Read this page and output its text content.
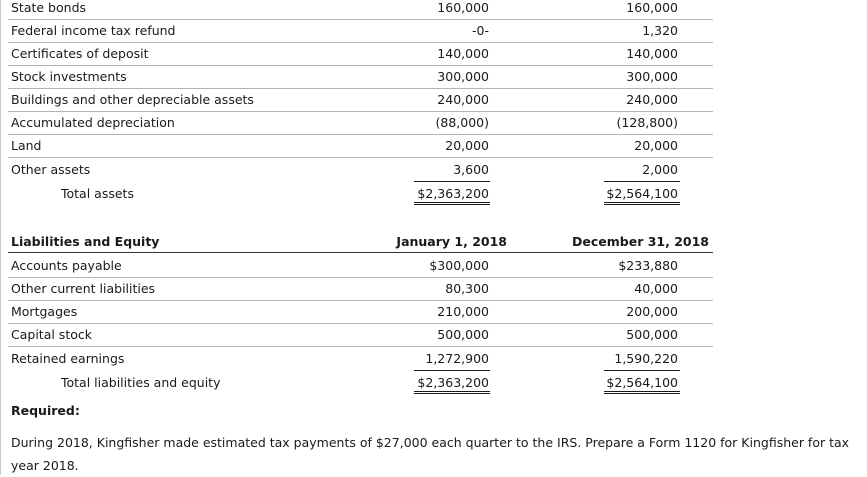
State bonds	160,000	160,000
Federal income tax refund	-0-	1,320
Certificates of deposit	140,000	140,000
Stock investments	300,000	300,000
Buildings and other depreciable assets	240,000	240,000
Accumulated depreciation	(88,000)	(128,800)
Land	20,000	20,000
Other assets	3,600	2,000
Total assets	$2,363,200	$2,564,100
Liabilities and Equity	January 1, 2018	December 31, 2018
Accounts payable	$300,000	$233,880
Other current liabilities	80,300	40,000
Mortgages	210,000	200,000
Capital stock	500,000	500,000
Retained earnings	1,272,900	1,590,220
Total liabilities and equity	$2,363,200	$2,564,100
Required:
During 2018, Kingfisher made estimated tax payments of $27,000 each quarter to the IRS. Prepare a Form 1120 for Kingfisher for tax year 2018.
